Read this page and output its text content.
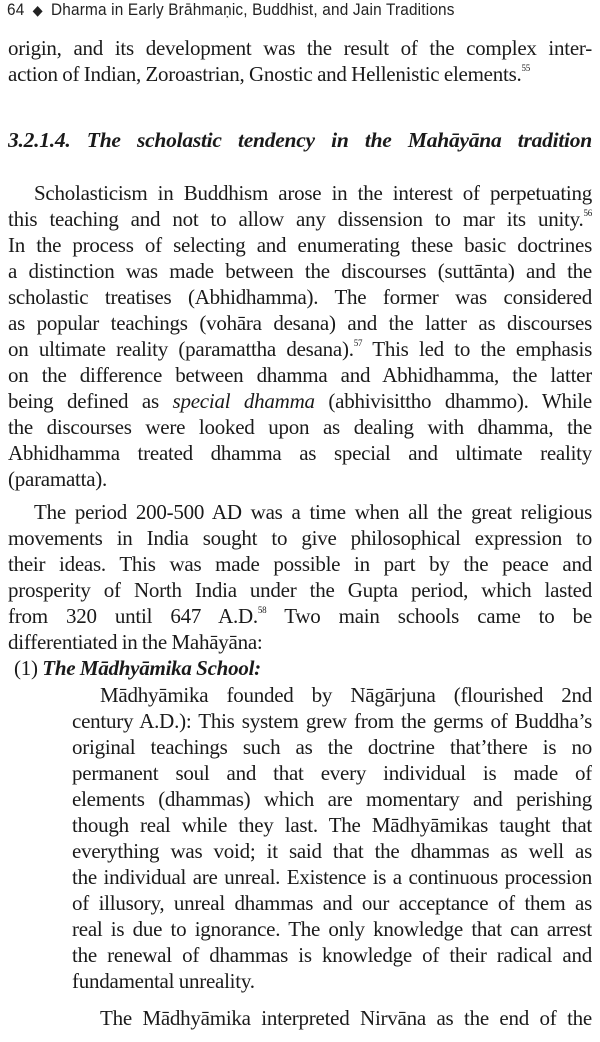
64 ◆ Dharma in Early Brāhmaṇic, Buddhist, and Jain Traditions
origin, and its development was the result of the complex inter-
action of Indian, Zoroastrian, Gnostic and Hellenistic elements.$^{55}$
3.2.1.4. The scholastic tendency in the Mahāyāna tradition
Scholasticism in Buddhism arose in the interest of perpetuating
this teaching and not to allow any dissension to mar its unity.$^{56}$
In the process of selecting and enumerating these basic doctrines
a distinction was made between the discourses (suttānta) and the
scholastic treatises (Abhidhamma). The former was considered
as popular teachings (vohāra desana) and the latter as discourses
on ultimate reality (paramattha desana).$^{57}$ This led to the emphasis
on the difference between dhamma and Abhidhamma, the latter
being defined as special dhamma (abhivisittho dhammo). While
the discourses were looked upon as dealing with dhamma, the
Abhidhamma treated dhamma as special and ultimate reality
(paramatta).
The period 200-500 AD was a time when all the great religious
movements in India sought to give philosophical expression to
their ideas. This was made possible in part by the peace and
prosperity of North India under the Gupta period, which lasted
from 320 until 647 A.D.$^{58}$ Two main schools came to be
differentiated in the Mahāyāna:
(1) The Mādhyāmika School:
Mādhyāmika founded by Nāgārjuna (flourished 2nd
century A.D.): This system grew from the germs of Buddha’s
original teachings such as the doctrine that’there is no
permanent soul and that every individual is made of
elements (dhammas) which are momentary and perishing
though real while they last. The Mādhyāmikas taught that
everything was void; it said that the dhammas as well as
the individual are unreal. Existence is a continuous procession
of illusory, unreal dhammas and our acceptance of them as
real is due to ignorance. The only knowledge that can arrest
the renewal of dhammas is knowledge of their radical and
fundamental unreality.
The Mādhyāmika interpreted Nirvāna as the end of the
